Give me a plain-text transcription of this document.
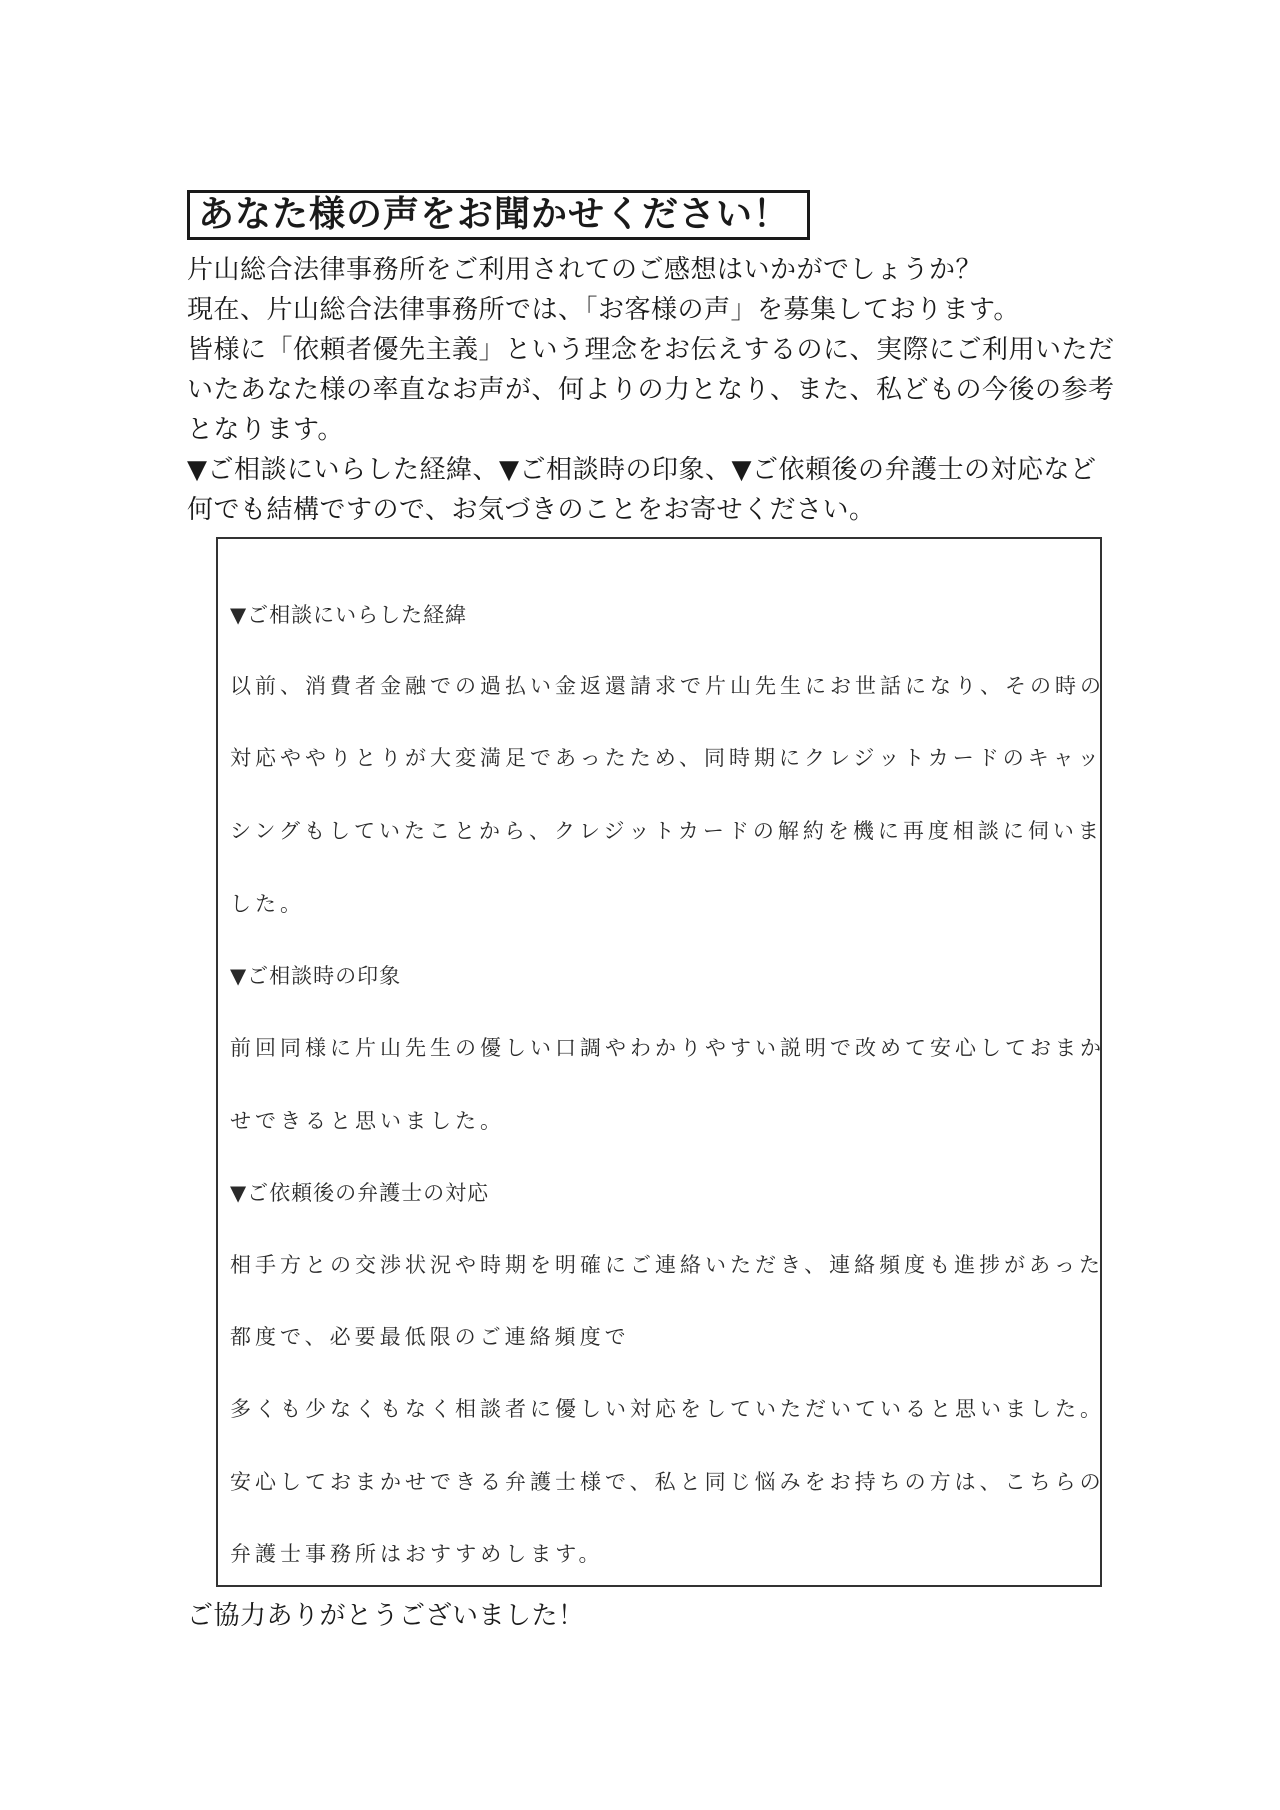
あなた様の声をお聞かせください！
片山総合法律事務所をご利用されてのご感想はいかがでしょうか？
現在、片山総合法律事務所では、「お客様の声」を募集しております。
皆様に「依頼者優先主義」という理念をお伝えするのに、実際にご利用いただ
いたあなた様の率直なお声が、何よりの力となり、また、私どもの今後の参考
となります。
▼ご相談にいらした経緯、▼ご相談時の印象、▼ご依頼後の弁護士の対応など
何でも結構ですので、お気づきのことをお寄せください。
▼ご相談にいらした経緯
以前、消費者金融での過払い金返還請求で片山先生にお世話になり、その時の
対応ややりとりが大変満足であったため、同時期にクレジットカードのキャッ
シングもしていたことから、クレジットカードの解約を機に再度相談に伺いま
した。
▼ご相談時の印象
前回同様に片山先生の優しい口調やわかりやすい説明で改めて安心しておまか
せできると思いました。
▼ご依頼後の弁護士の対応
相手方との交渉状況や時期を明確にご連絡いただき、連絡頻度も進捗があった
都度で、必要最低限のご連絡頻度で
多くも少なくもなく相談者に優しい対応をしていただいていると思いました。
安心しておまかせできる弁護士様で、私と同じ悩みをお持ちの方は、こちらの
弁護士事務所はおすすめします。
ご協力ありがとうございました！
